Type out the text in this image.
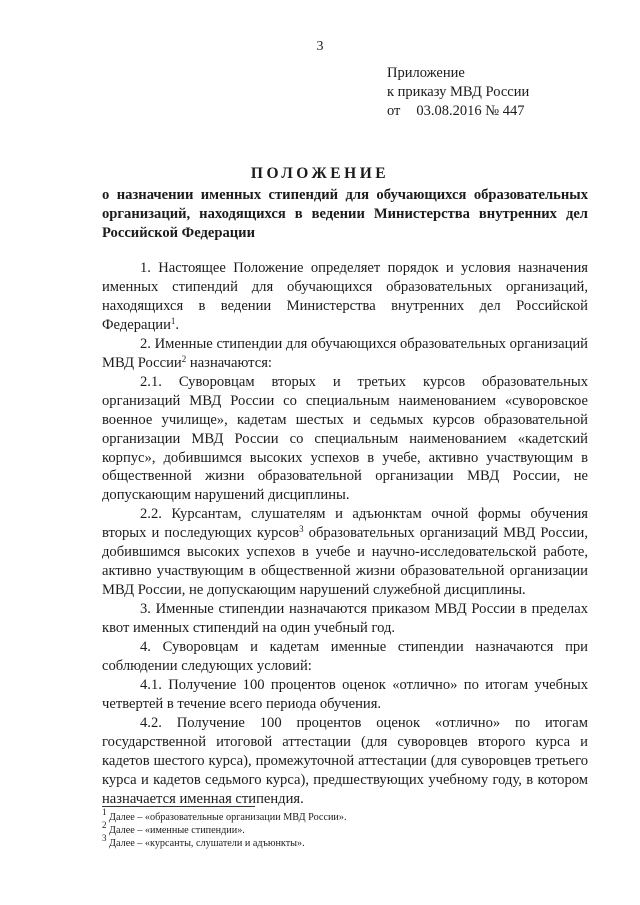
3
Приложение
к приказу МВД России
от 03.08.2016 № 447
ПОЛОЖЕНИЕ
о назначении именных стипендий для обучающихся образовательных организаций, находящихся в ведении Министерства внутренних дел Российской Федерации

1. Настоящее Положение определяет порядок и условия назначения именных стипендий для обучающихся образовательных организаций, находящихся в ведении Министерства внутренних дел Российской Федерации$^1$.

2. Именные стипендии для обучающихся образовательных организаций МВД России$^2$ назначаются:

2.1. Суворовцам вторых и третьих курсов образовательных организаций МВД России со специальным наименованием «суворовское военное училище», кадетам шестых и седьмых курсов образовательной организации МВД России со специальным наименованием «кадетский корпус», добившимся высоких успехов в учебе, активно участвующим в общественной жизни образовательной организации МВД России, не допускающим нарушений дисциплины.

2.2. Курсантам, слушателям и адъюнктам очной формы обучения вторых и последующих курсов$^3$ образовательных организаций МВД России, добившимся высоких успехов в учебе и научно-исследовательской работе, активно участвующим в общественной жизни образовательной организации МВД России, не допускающим нарушений служебной дисциплины.

3. Именные стипендии назначаются приказом МВД России в пределах квот именных стипендий на один учебный год.

4. Суворовцам и кадетам именные стипендии назначаются при соблюдении следующих условий:

4.1. Получение 100 процентов оценок «отлично» по итогам учебных четвертей в течение всего периода обучения.

4.2. Получение 100 процентов оценок «отлично» по итогам государственной итоговой аттестации (для суворовцев второго курса и кадетов шестого курса), промежуточной аттестации (для суворовцев третьего курса и кадетов седьмого курса), предшествующих учебному году, в котором назначается именная стипендия.

$^1$ Далее – «образовательные организации МВД России».
$^2$ Далее – «именные стипендии».
$^3$ Далее – «курсанты, слушатели и адъюнкты».
